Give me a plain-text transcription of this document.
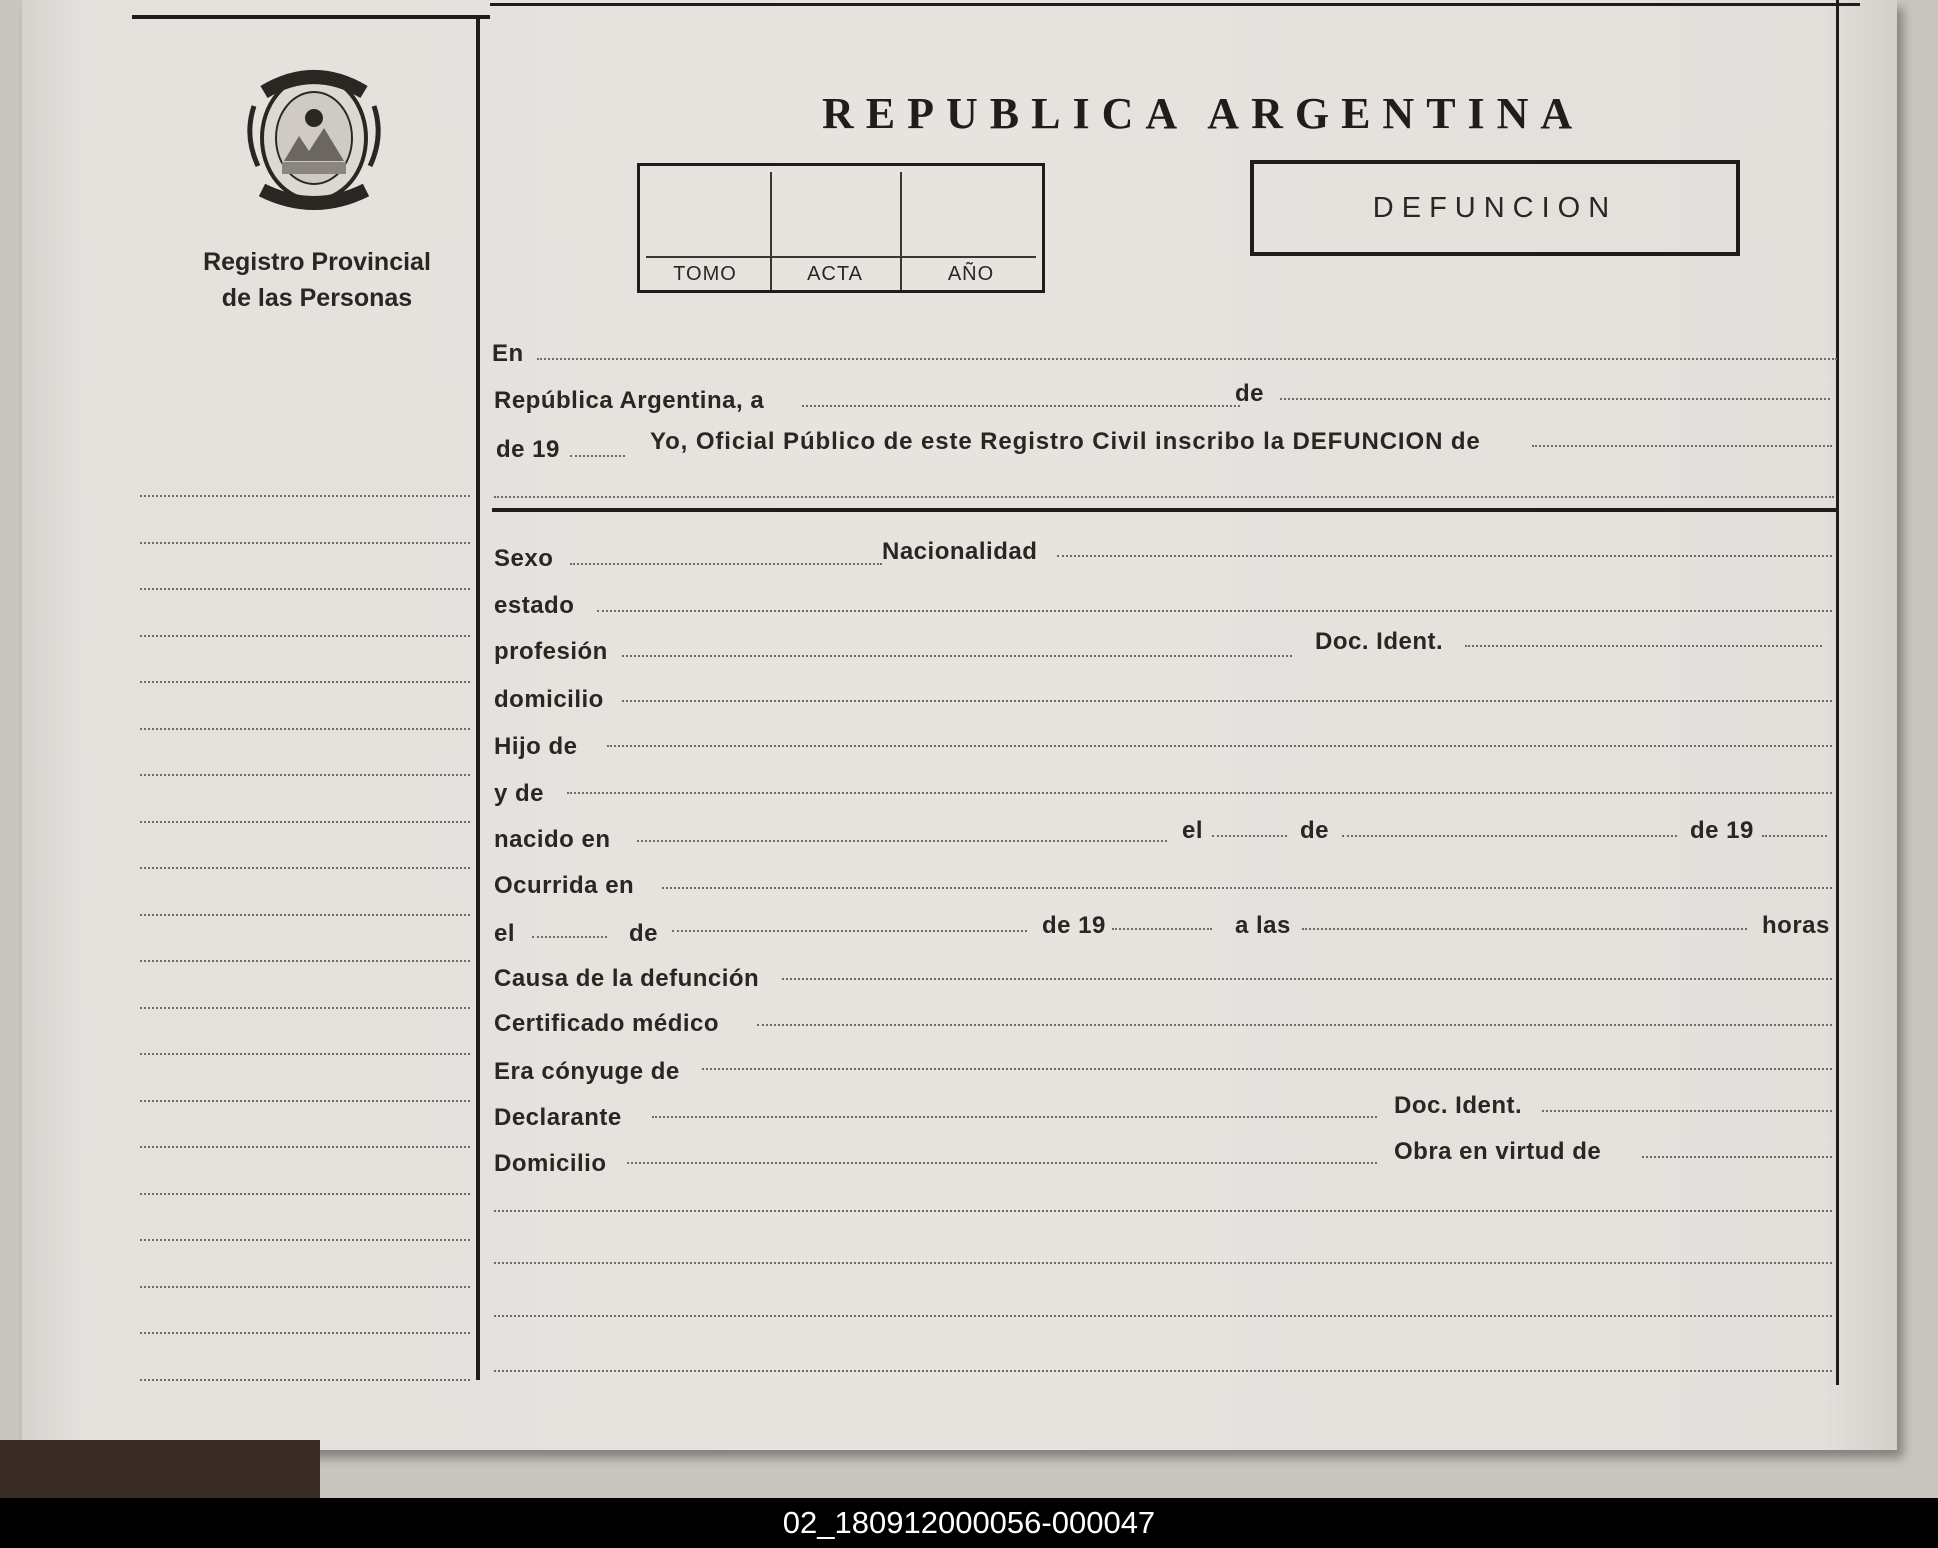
Registro Provincial
de las Personas
REPUBLICA ARGENTINA
TOMO	ACTA	AÑO
DEFUNCION
En
República Argentina, a	de
de 19	Yo, Oficial Público de este Registro Civil inscribo la DEFUNCION de
Sexo	Nacionalidad
estado
profesión	Doc. Ident.
domicilio
Hijo de
y de
nacido en	el	de	de 19
Ocurrida en
el	de	de 19	a las	horas
Causa de la defunción
Certificado médico
Era cónyuge de
Declarante	Doc. Ident.
Domicilio	Obra en virtud de
02_180912000056-000047
